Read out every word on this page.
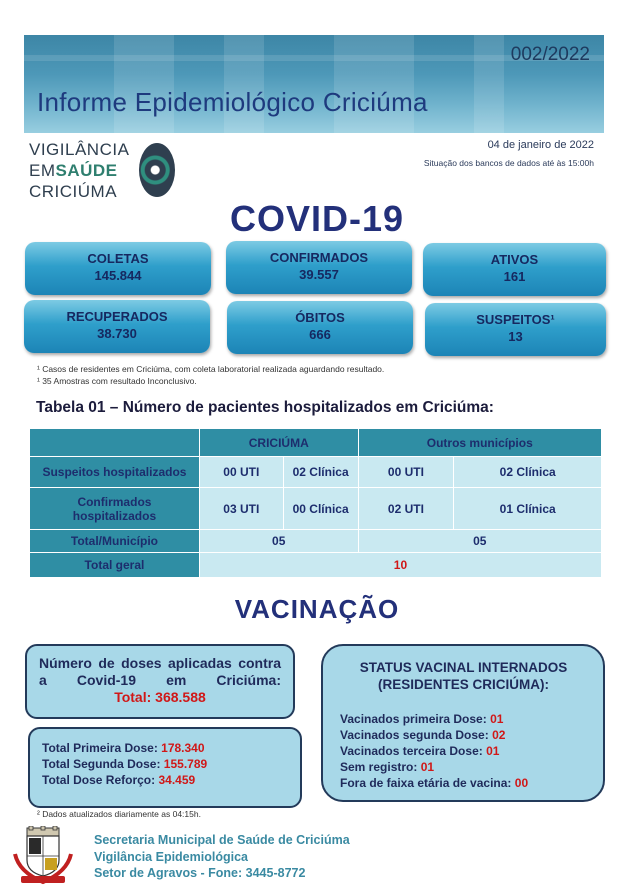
002/2022
Informe Epidemiológico Criciúma
VIGILÂNCIA
EMSAÚDE
CRICIÚMA
04 de janeiro de 2022
Situação dos bancos de dados até às 15:00h
COVID-19
COLETAS
145.844
CONFIRMADOS
39.557
ATIVOS
161
RECUPERADOS
38.730
ÓBITOS
666
SUSPEITOS¹
13
¹ Casos de residentes em Criciúma, com coleta laboratorial realizada aguardando resultado.
¹ 35 Amostras com resultado Inconclusivo.
Tabela 01 – Número de pacientes hospitalizados em Criciúma:
	CRICIÚMA		Outros municípios	
Suspeitos hospitalizados	00 UTI	02 Clínica	00 UTI	02 Clínica
Confirmados hospitalizados	03 UTI	00 Clínica	02 UTI	01 Clínica
Total/Município	05		05	
Total geral	10			
VACINAÇÃO
Número de doses aplicadas contra a Covid-19 em Criciúma:
Total: 368.588
Total Primeira Dose: 178.340
Total Segunda Dose: 155.789
Total Dose Reforço: 34.459
STATUS VACINAL INTERNADOS
(RESIDENTES CRICIÚMA):
Vacinados primeira Dose: 01
Vacinados segunda Dose: 02
Vacinados terceira Dose: 01
Sem registro: 01
Fora de faixa etária de vacina: 00
² Dados atualizados diariamente as 04:15h.
Secretaria Municipal de Saúde de Criciúma
Vigilância Epidemiológica
Setor de Agravos - Fone: 3445-8772
